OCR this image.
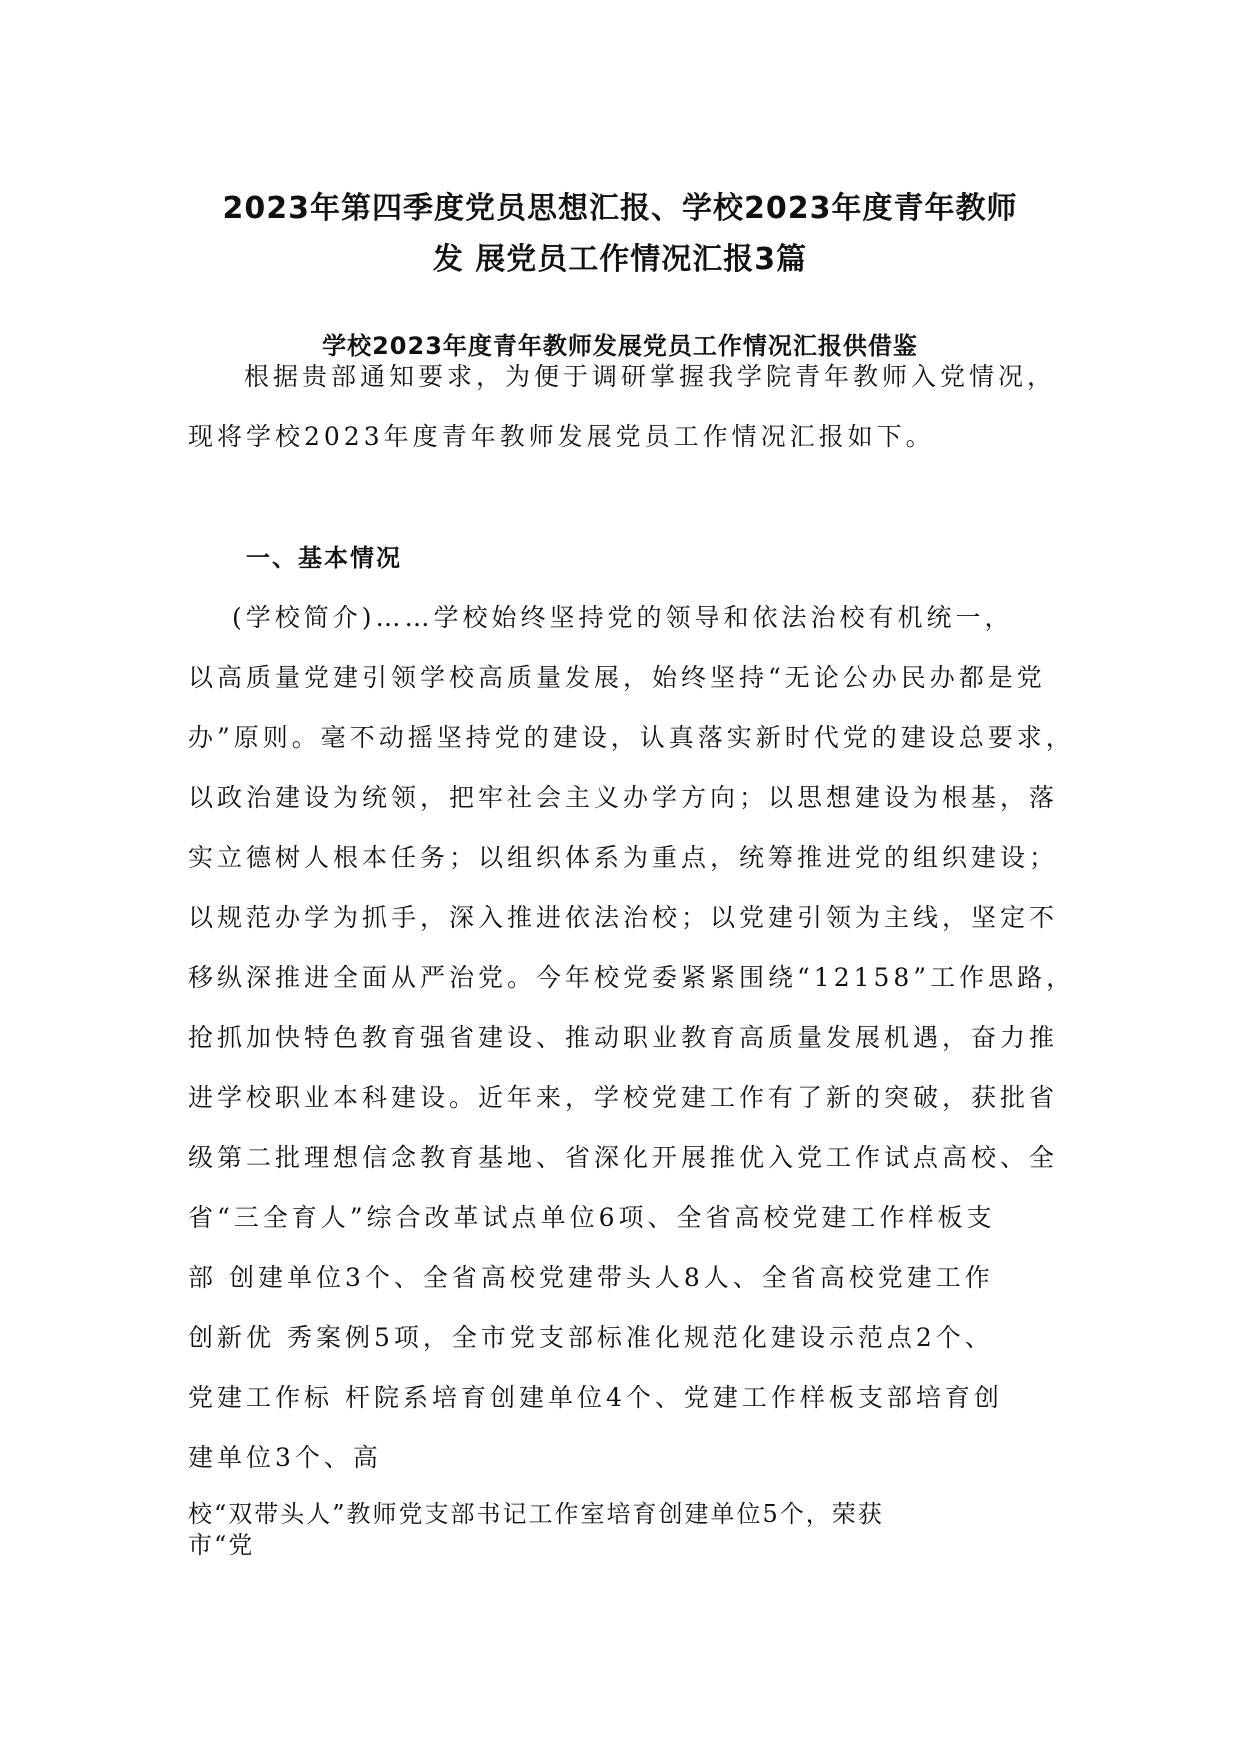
2023年第四季度党员思想汇报、学校2023年度青年教师
发 展党员工作情况汇报3篇
学校2023年度青年教师发展党员工作情况汇报供借鉴

根据贵部通知要求，为便于调研掌握我学院青年教师入党情况，

现将学校2023年度青年教师发展党员工作情况汇报如下。

一、基本情况

(学校简介)……学校始终坚持党的领导和依法治校有机统一，

以高质量党建引领学校高质量发展，始终坚持“无论公办民办都是党

办”原则。毫不动摇坚持党的建设，认真落实新时代党的建设总要求，

以政治建设为统领，把牢社会主义办学方向；以思想建设为根基，落

实立德树人根本任务；以组织体系为重点，统筹推进党的组织建设；

以规范办学为抓手，深入推进依法治校；以党建引领为主线，坚定不

移纵深推进全面从严治党。今年校党委紧紧围绕“12158”工作思路，

抢抓加快特色教育强省建设、推动职业教育高质量发展机遇，奋力推

进学校职业本科建设。近年来，学校党建工作有了新的突破，获批省

级第二批理想信念教育基地、省深化开展推优入党工作试点高校、全

省“三全育人”综合改革试点单位6项、全省高校党建工作样板支

部 创建单位3个、全省高校党建带头人8人、全省高校党建工作

创新优 秀案例5项，全市党支部标准化规范化建设示范点2个、

党建工作标 杆院系培育创建单位4个、党建工作样板支部培育创

建单位3个、高

校“双带头人”教师党支部书记工作室培育创建单位5个，荣获

市“党
